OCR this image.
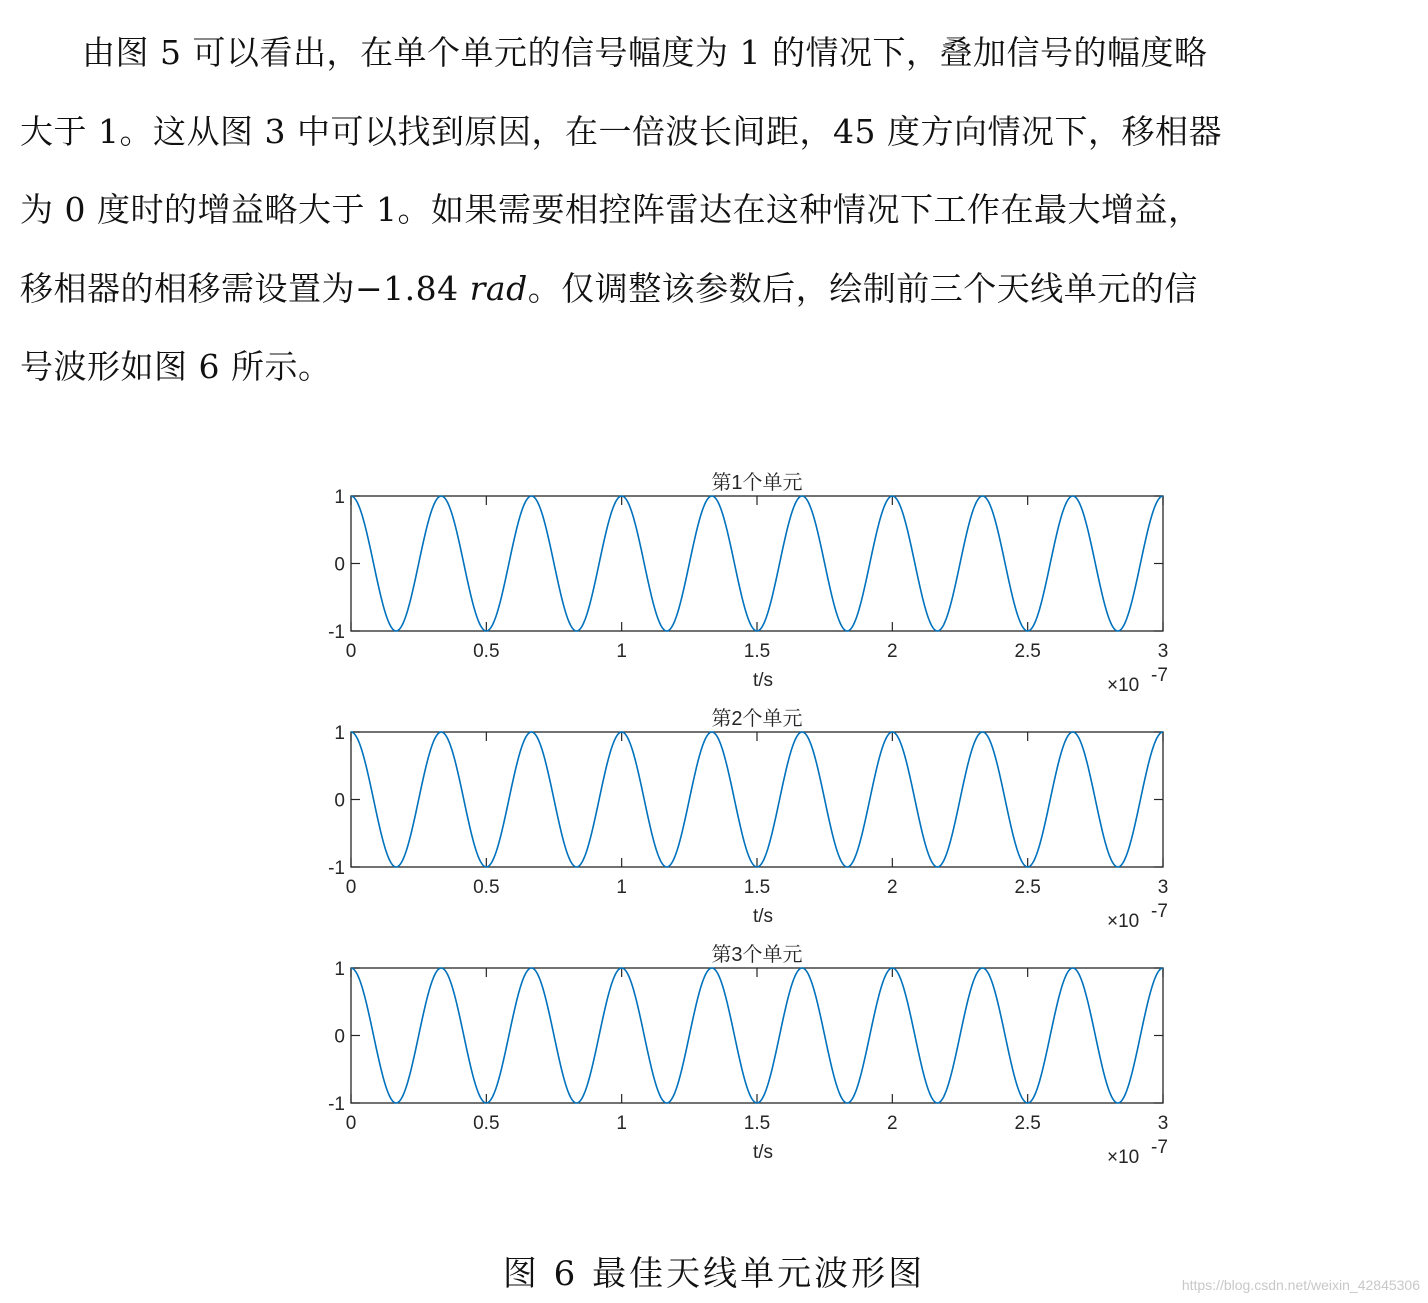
由图 5 可以看出，在单个单元的信号幅度为 1 的情况下，叠加信号的幅度略
大于 1。这从图 3 中可以找到原因，在一倍波长间距，45 度方向情况下，移相器
为 0 度时的增益略大于 1。如果需要相控阵雷达在这种情况下工作在最大增益，
移相器的相移需设置为−1.84 rad。仅调整该参数后，绘制前三个天线单元的信
号波形如图 6 所示。
第1个单元
0	0.5	1	1.5	2	2.5	3
1
0
-1
t/s	×10 -7
第2个单元
0	0.5	1	1.5	2	2.5	3
1
0
-1
t/s	×10 -7
第3个单元
0	0.5	1	1.5	2	2.5	3
1
0
-1
t/s	×10 -7
图 6 最佳天线单元波形图	https://blog.csdn.net/weixin_42845306
